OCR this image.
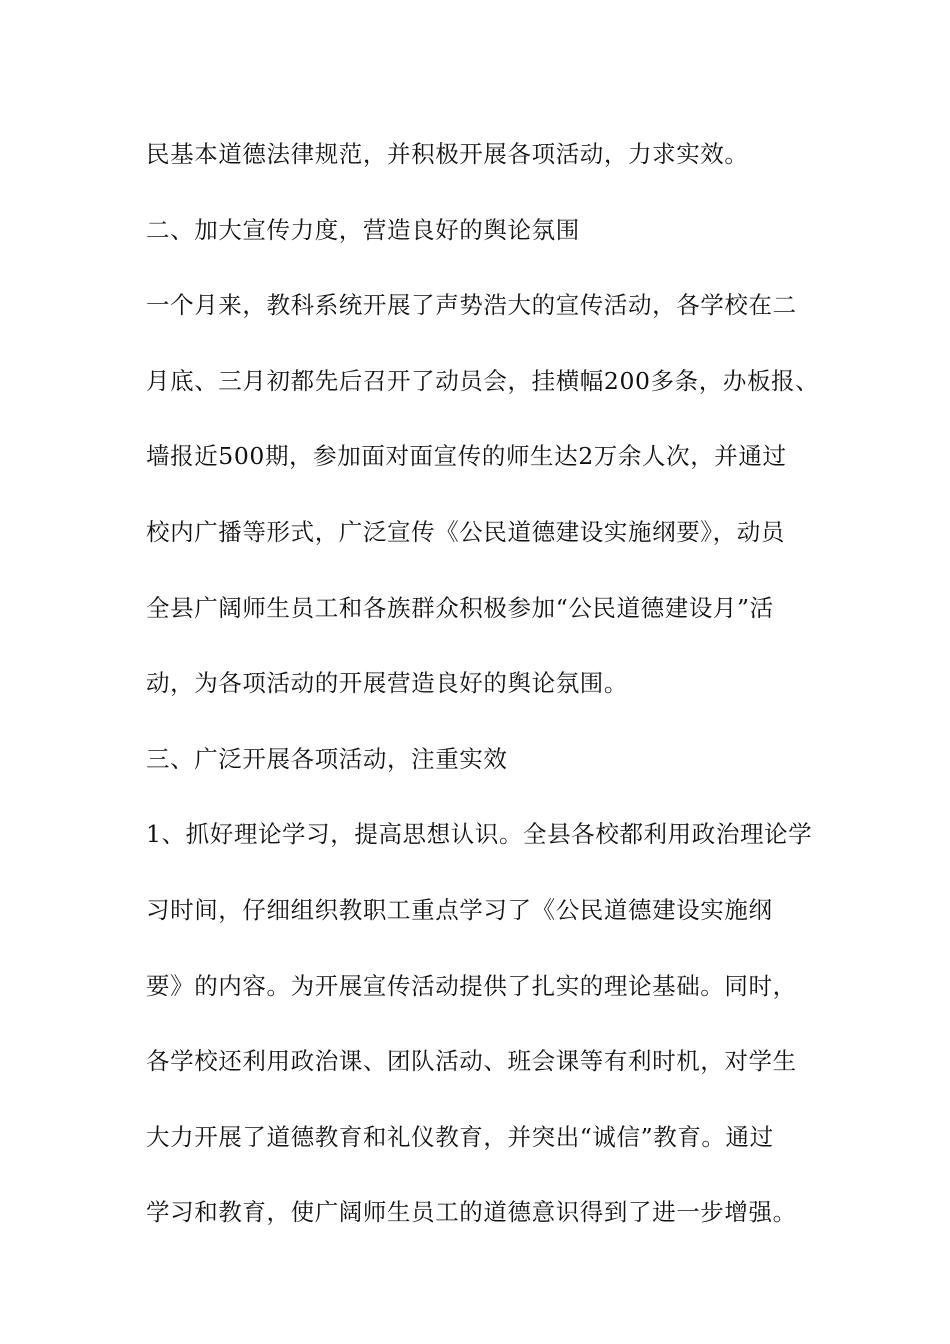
民基本道德法律规范，并积极开展各项活动，力求实效。
二、加大宣传力度，营造良好的舆论氛围
一个月来，教科系统开展了声势浩大的宣传活动，各学校在二
月底、三月初都先后召开了动员会，挂横幅200多条，办板报、
墙报近500期，参加面对面宣传的师生达2万余人次，并通过
校内广播等形式，广泛宣传《公民道德建设实施纲要》，动员
全县广阔师生员工和各族群众积极参加“公民道德建设月”活
动，为各项活动的开展营造良好的舆论氛围。
三、广泛开展各项活动，注重实效
1、抓好理论学习，提高思想认识。全县各校都利用政治理论学
习时间，仔细组织教职工重点学习了《公民道德建设实施纲
要》的内容。为开展宣传活动提供了扎实的理论基础。同时，
各学校还利用政治课、团队活动、班会课等有利时机，对学生
大力开展了道德教育和礼仪教育，并突出“诚信”教育。通过
学习和教育，使广阔师生员工的道德意识得到了进一步增强。
